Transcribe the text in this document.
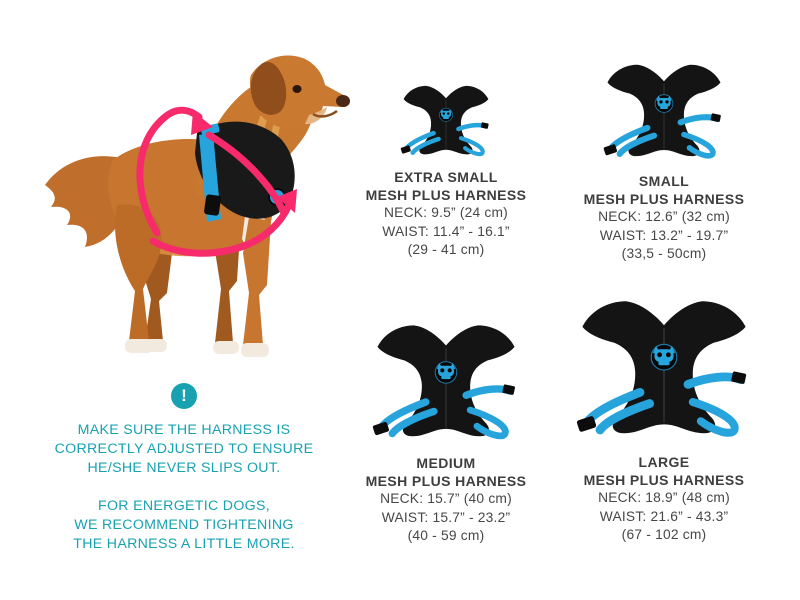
!

MAKE SURE THE HARNESS IS
CORRECTLY ADJUSTED TO ENSURE
HE/SHE NEVER SLIPS OUT.

FOR ENERGETIC DOGS,
WE RECOMMEND TIGHTENING
THE HARNESS A LITTLE MORE.

EXTRA SMALL
MESH PLUS HARNESS
NECK: 9.5” (24 cm)
WAIST: 11.4” - 16.1”
(29 - 41 cm)
SMALL
MESH PLUS HARNESS
NECK: 12.6” (32 cm)
WAIST: 13.2” - 19.7”
(33,5 - 50cm)
MEDIUM
MESH PLUS HARNESS
NECK: 15.7” (40 cm)
WAIST: 15.7” - 23.2”
(40 - 59 cm)
LARGE
MESH PLUS HARNESS
NECK: 18.9” (48 cm)
WAIST: 21.6” - 43.3”
(67 - 102 cm)
